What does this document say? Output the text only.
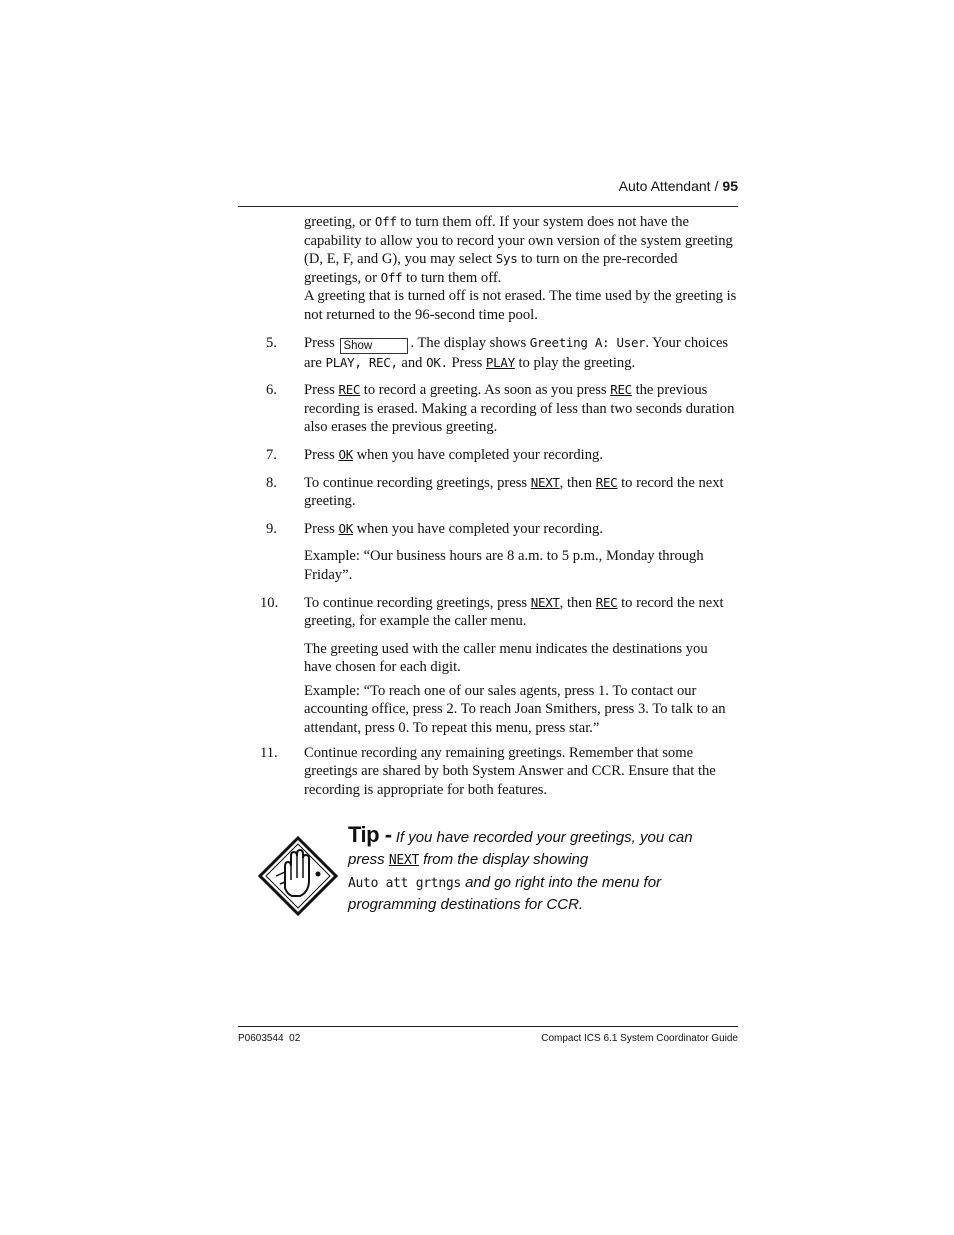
Auto Attendant / 95
greeting, or Off to turn them off. If your system does not have the capability to allow you to record your own version of the system greeting (D, E, F, and G), you may select Sys to turn on the pre-recorded greetings, or Off to turn them off.
A greeting that is turned off is not erased. The time used by the greeting is not returned to the 96-second time pool.
5.	Press Show	. The display shows Greeting A: User. Your choices are PLAY, REC, and OK. Press PLAY to play the greeting.
6.	Press REC to record a greeting. As soon as you press REC the previous recording is erased. Making a recording of less than two seconds duration also erases the previous greeting.
7.	Press OK when you have completed your recording.
8.	To continue recording greetings, press NEXT, then REC to record the next greeting.
9.	Press OK when you have completed your recording.
Example: “Our business hours are 8 a.m. to 5 p.m., Monday through Friday”.
10.	To continue recording greetings, press NEXT, then REC to record the next greeting, for example the caller menu.
The greeting used with the caller menu indicates the destinations you have chosen for each digit.
Example: “To reach one of our sales agents, press 1. To contact our accounting office, press 2. To reach Joan Smithers, press 3. To talk to an attendant, press 0. To repeat this menu, press star.”
11.	Continue recording any remaining greetings. Remember that some greetings are shared by both System Answer and CCR. Ensure that the recording is appropriate for both features.
Tip - If you have recorded your greetings, you can
press NEXT from the display showing
Auto att grtngs and go right into the menu for
programming destinations for CCR.
P0603544  02	Compact ICS 6.1 System Coordinator Guide
